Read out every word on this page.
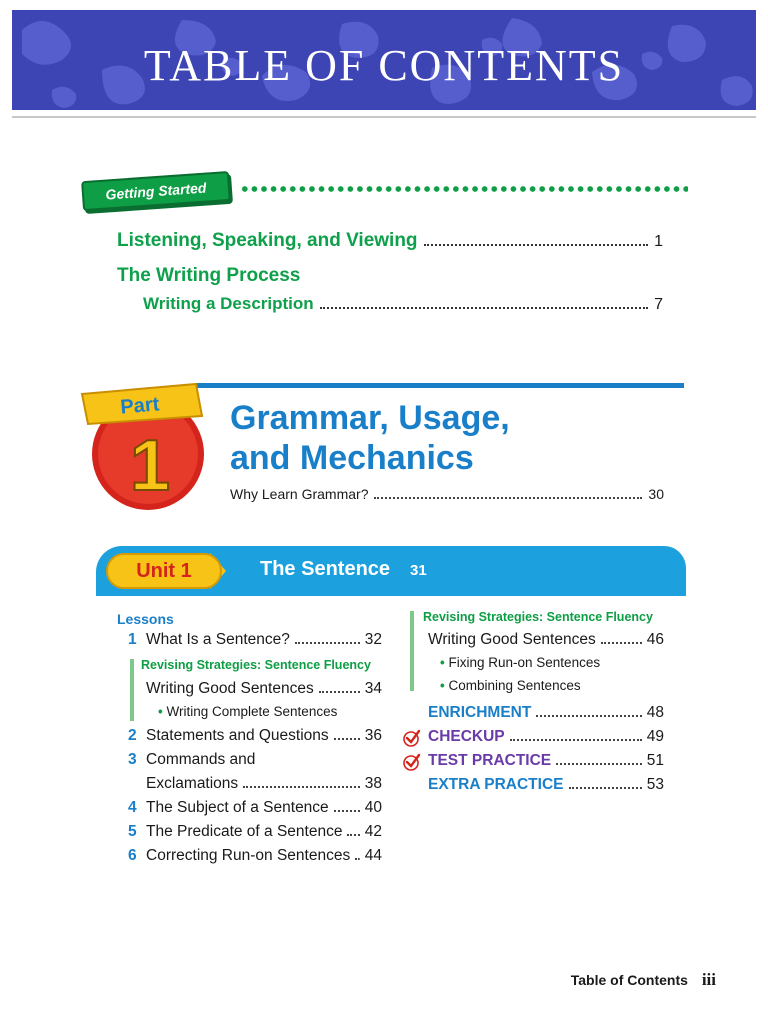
TABLE OF CONTENTS
Getting Started
Listening, Speaking, and Viewing	1
The Writing Process
Writing a Description	7
Part
1
Grammar, Usage,
and Mechanics
Why Learn Grammar?	30
Unit 1	The Sentence 31
Lessons
1 What Is a Sentence?	32
Revising Strategies: Sentence Fluency
Writing Good Sentences	34
• Writing Complete Sentences
2 Statements and Questions 36
3 Commands and
Exclamations	38
4 The Subject of a Sentence 40
5 The Predicate of a Sentence 42
6 Correcting Run-on Sentences 44
Revising Strategies: Sentence Fluency
Writing Good Sentences	46
• Fixing Run-on Sentences
• Combining Sentences
ENRICHMENT	48
CHECKUP	49
TEST PRACTICE	51
EXTRA PRACTICE	53
Table of Contents iii
